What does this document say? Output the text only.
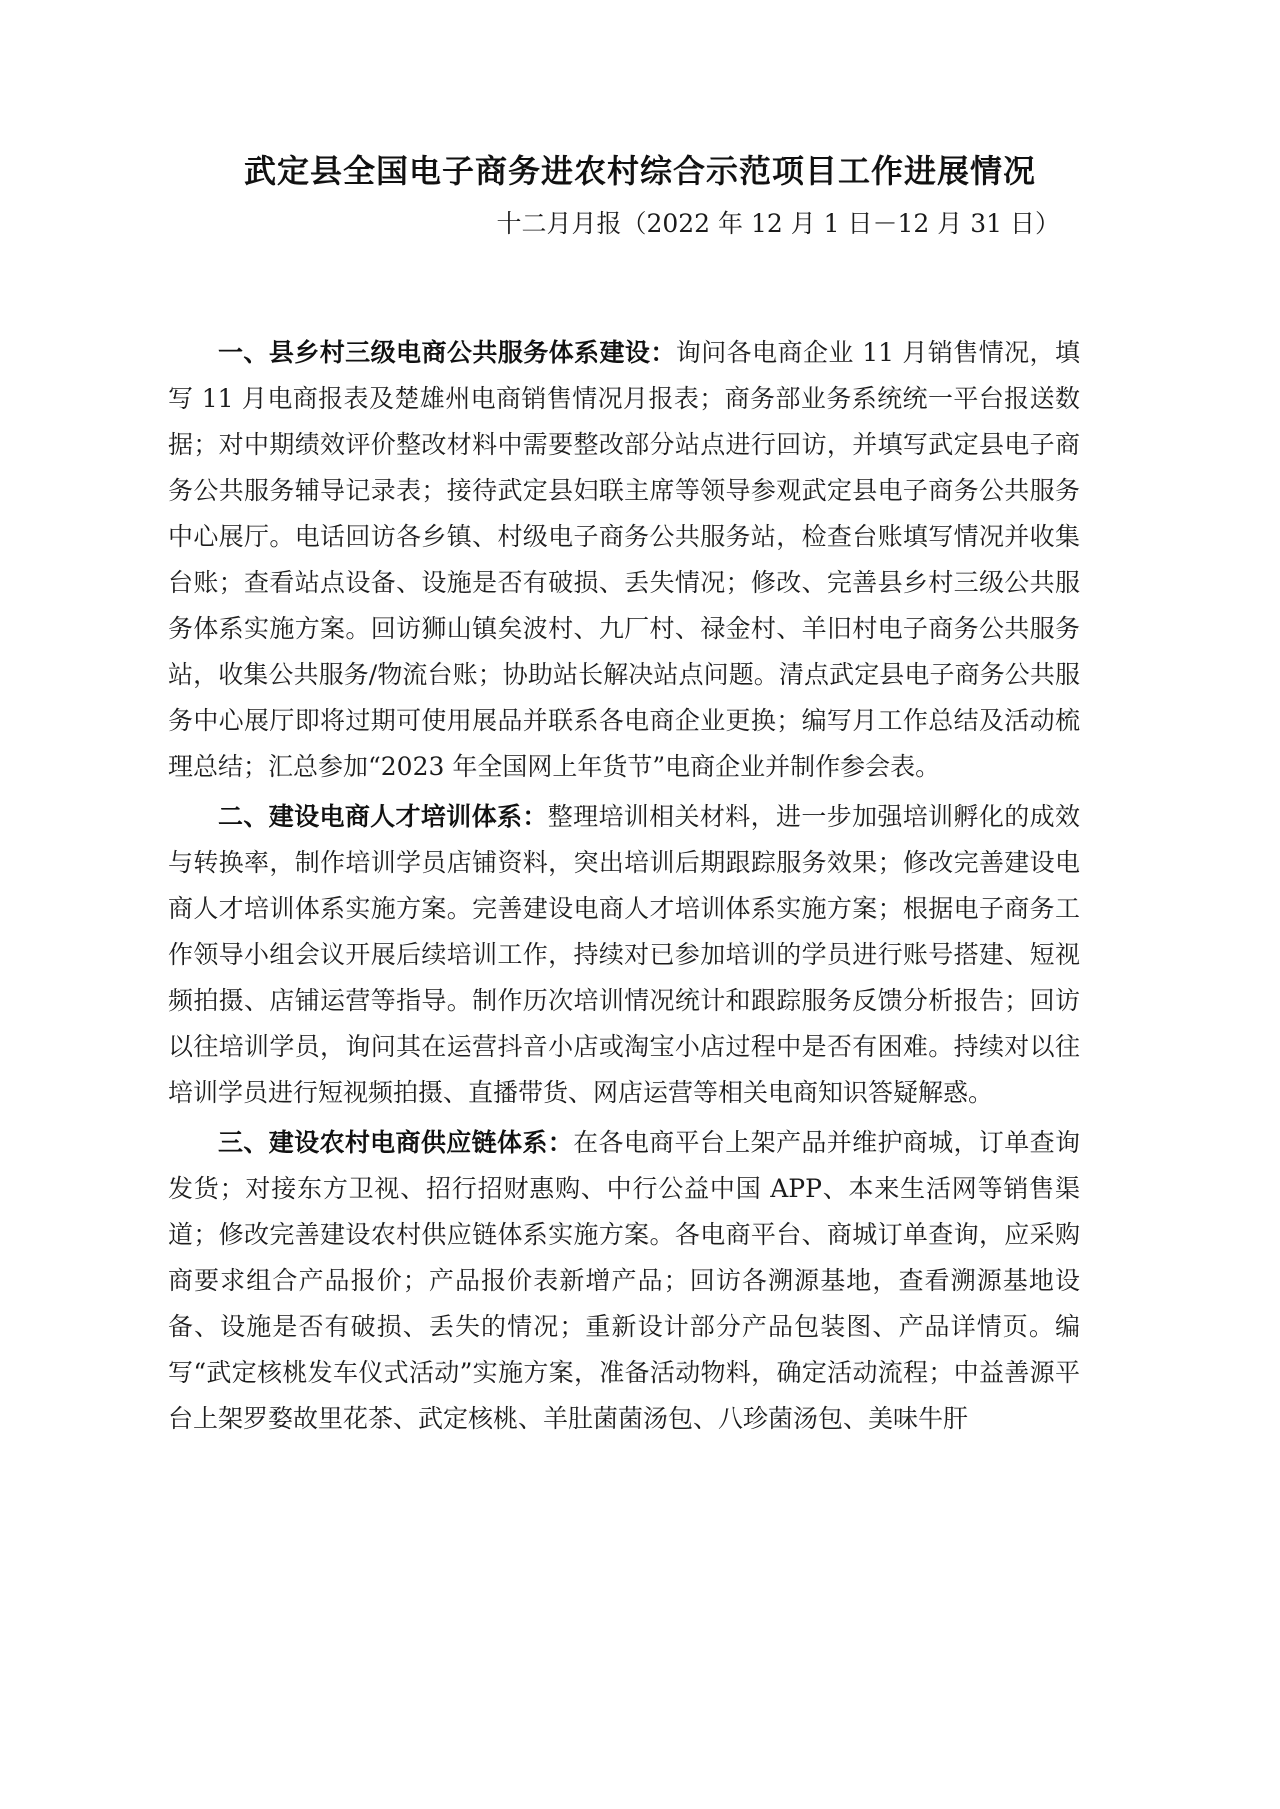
武定县全国电子商务进农村综合示范项目工作进展情况

十二月月报（2022 年 12 月 1 日－12 月 31 日）

一、县乡村三级电商公共服务体系建设：询问各电商企业 11 月销售情况，填写 11 月电商报表及楚雄州电商销售情况月报表；商务部业务系统统一平台报送数据；对中期绩效评价整改材料中需要整改部分站点进行回访，并填写武定县电子商务公共服务辅导记录表；接待武定县妇联主席等领导参观武定县电子商务公共服务中心展厅。电话回访各乡镇、村级电子商务公共服务站，检查台账填写情况并收集台账；查看站点设备、设施是否有破损、丢失情况；修改、完善县乡村三级公共服务体系实施方案。回访狮山镇矣波村、九厂村、禄金村、羊旧村电子商务公共服务站，收集公共服务/物流台账；协助站长解决站点问题。清点武定县电子商务公共服务中心展厅即将过期可使用展品并联系各电商企业更换；编写月工作总结及活动梳理总结；汇总参加“2023 年全国网上年货节”电商企业并制作参会表。

二、建设电商人才培训体系：整理培训相关材料，进一步加强培训孵化的成效与转换率，制作培训学员店铺资料，突出培训后期跟踪服务效果；修改完善建设电商人才培训体系实施方案。完善建设电商人才培训体系实施方案；根据电子商务工作领导小组会议开展后续培训工作，持续对已参加培训的学员进行账号搭建、短视频拍摄、店铺运营等指导。制作历次培训情况统计和跟踪服务反馈分析报告；回访以往培训学员，询问其在运营抖音小店或淘宝小店过程中是否有困难。持续对以往培训学员进行短视频拍摄、直播带货、网店运营等相关电商知识答疑解惑。

三、建设农村电商供应链体系：在各电商平台上架产品并维护商城，订单查询发货；对接东方卫视、招行招财惠购、中行公益中国 APP、本来生活网等销售渠道；修改完善建设农村供应链体系实施方案。各电商平台、商城订单查询，应采购商要求组合产品报价；产品报价表新增产品；回访各溯源基地，查看溯源基地设备、设施是否有破损、丢失的情况；重新设计部分产品包装图、产品详情页。编写“武定核桃发车仪式活动”实施方案，准备活动物料，确定活动流程；中益善源平台上架罗婺故里花茶、武定核桃、羊肚菌菌汤包、八珍菌汤包、美味牛肝
